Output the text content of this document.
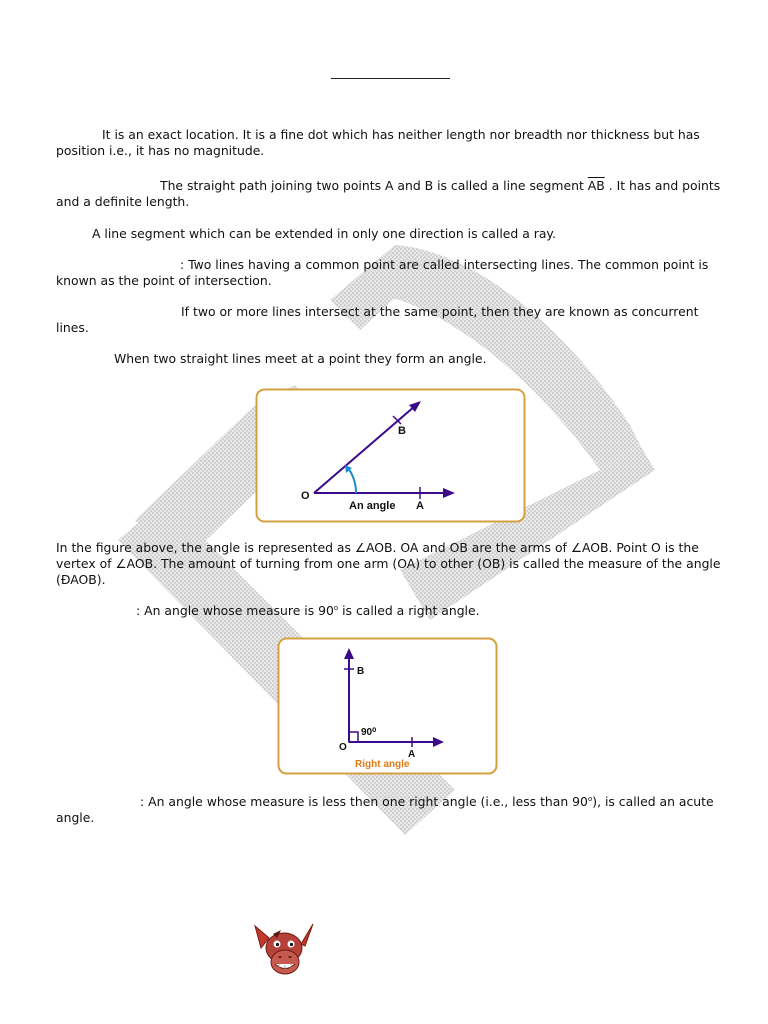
It is an exact location. It is a fine dot which has neither length nor breadth nor thickness but has position i.e., it has no magnitude.

The straight path joining two points A and B is called a line segment $\overline{AB}$ . It has and points and a definite length.

A line segment which can be extended in only one direction is called a ray.

: Two lines having a common point are called intersecting lines. The common point is known as the point of intersection.

If two or more lines intersect at the same point, then they are known as concurrent lines.

When two straight lines meet at a point they form an angle.

O
B
A
An angle

In the figure above, the angle is represented as ∠AOB. OA and OB are the arms of ∠AOB. Point O is the vertex of ∠AOB. The amount of turning from one arm (OA) to other (OB) is called the measure of the angle (ÐAOB).

: An angle whose measure is 90$^o$ is called a right angle.

O
B
A
90⁰
Right angle

: An angle whose measure is less then one right angle (i.e., less than 90$^o$), is called an acute angle.
